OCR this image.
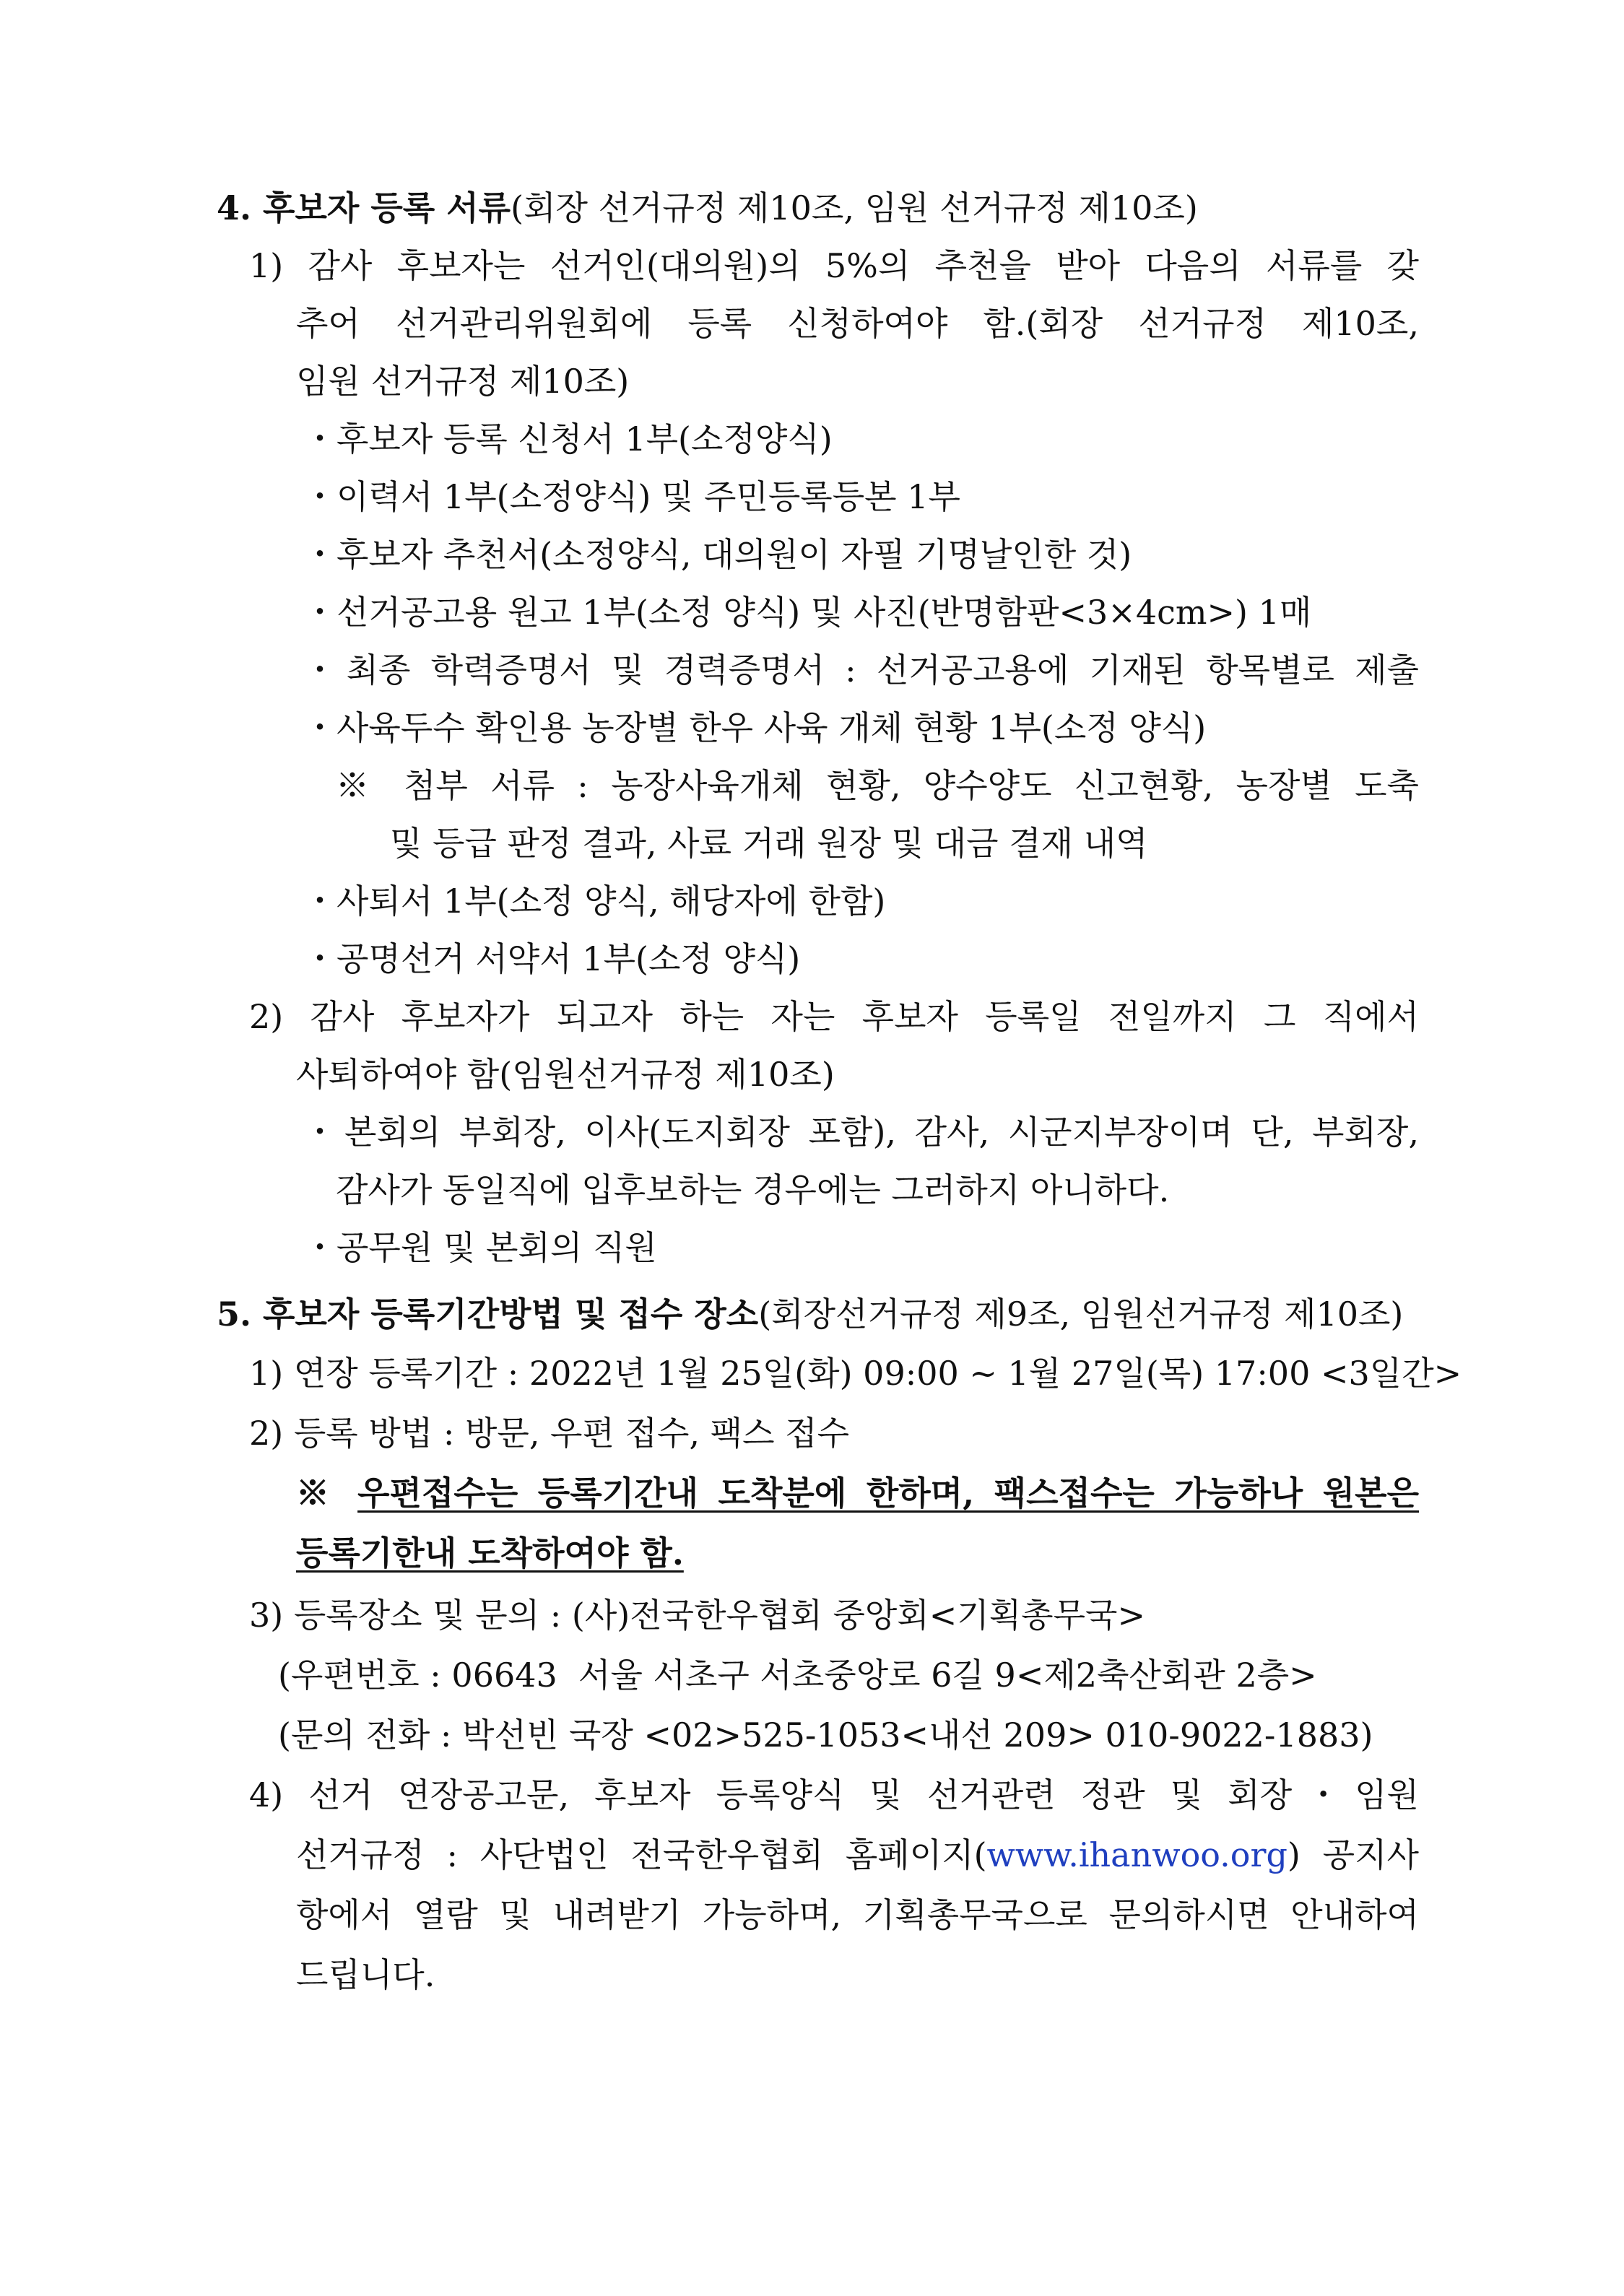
4. 후보자 등록 서류(회장 선거규정 제10조, 임원 선거규정 제10조)
1) 감사 후보자는 선거인(대의원)의 5%의 추천을 받아 다음의 서류를 갖
추어 선거관리위원회에 등록 신청하여야 함.(회장 선거규정 제10조,
임원 선거규정 제10조)
・후보자 등록 신청서 1부(소정양식)
・이력서 1부(소정양식) 및 주민등록등본 1부
・후보자 추천서(소정양식, 대의원이 자필 기명날인한 것)
・선거공고용 원고 1부(소정 양식) 및 사진(반명함판<3×4cm>) 1매
・최종 학력증명서 및 경력증명서 : 선거공고용에 기재된 항목별로 제출
・사육두수 확인용 농장별 한우 사육 개체 현황 1부(소정 양식)
※ 첨부 서류 : 농장사육개체 현황, 양수양도 신고현황, 농장별 도축
및 등급 판정 결과, 사료 거래 원장 및 대금 결재 내역
・사퇴서 1부(소정 양식, 해당자에 한함)
・공명선거 서약서 1부(소정 양식)
2) 감사 후보자가 되고자 하는 자는 후보자 등록일 전일까지 그 직에서
사퇴하여야 함(임원선거규정 제10조)
・본회의 부회장, 이사(도지회장 포함), 감사, 시군지부장이며 단, 부회장,
감사가 동일직에 입후보하는 경우에는 그러하지 아니하다.
・공무원 및 본회의 직원
5. 후보자 등록기간방법 및 접수 장소(회장선거규정 제9조, 임원선거규정 제10조)
1) 연장 등록기간 : 2022년 1월 25일(화) 09:00 ~ 1월 27일(목) 17:00 <3일간>
2) 등록 방법 : 방문, 우편 접수, 팩스 접수
※ 우편접수는 등록기간내 도착분에 한하며, 팩스접수는 가능하나 원본은
등록기한내 도착하여야 함.
3) 등록장소 및 문의 : (사)전국한우협회 중앙회<기획총무국>
(우편번호 : 06643  서울 서초구 서초중앙로 6길 9<제2축산회관 2층>
(문의 전화 : 박선빈 국장 <02>525-1053<내선 209> 010-9022-1883)
4) 선거 연장공고문, 후보자 등록양식 및 선거관련 정관 및 회장・임원
선거규정 : 사단법인 전국한우협회 홈페이지(www.ihanwoo.org) 공지사
항에서 열람 및 내려받기 가능하며, 기획총무국으로 문의하시면 안내하여
드립니다.
